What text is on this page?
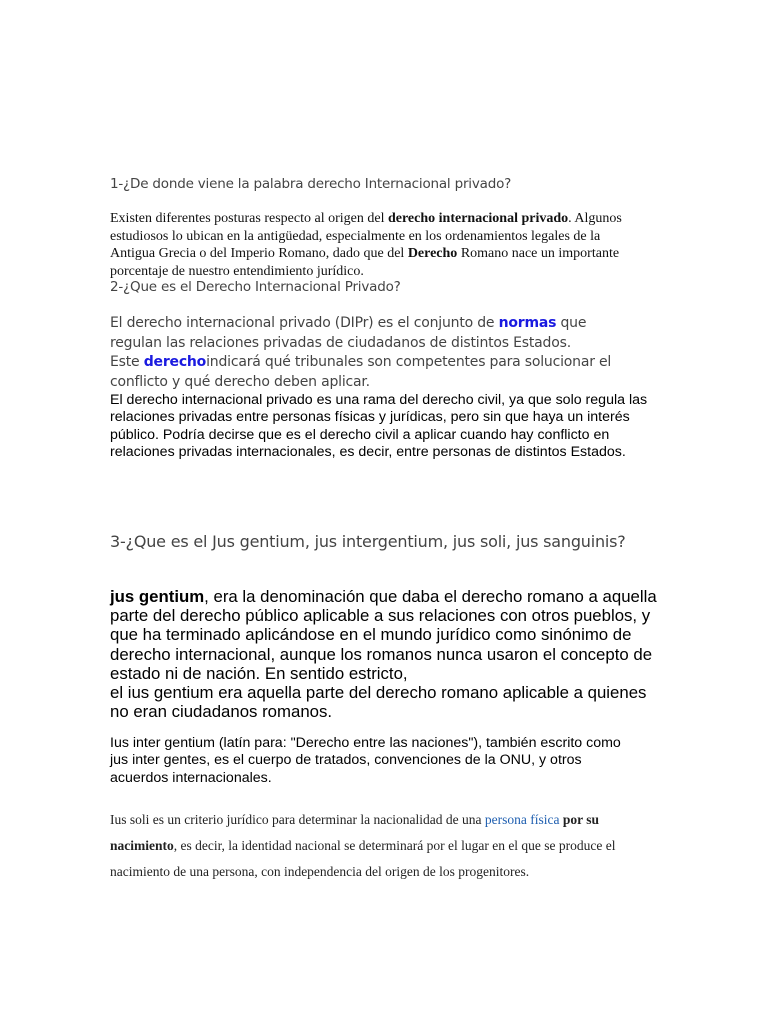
1-¿De donde viene la palabra derecho Internacional privado?
Existen diferentes posturas respecto al origen del derecho internacional privado. Algunos estudiosos lo ubican en la antigüedad, especialmente en los ordenamientos legales de la Antigua Grecia o del Imperio Romano, dado que del Derecho Romano nace un importante porcentaje de nuestro entendimiento jurídico.
2-¿Que es el Derecho Internacional Privado?
El derecho internacional privado (DIPr) es el conjunto de normas que regulan las relaciones privadas de ciudadanos de distintos Estados.
Este derechoindicará qué tribunales son competentes para solucionar el conflicto y qué derecho deben aplicar.
El derecho internacional privado es una rama del derecho civil, ya que solo regula las relaciones privadas entre personas físicas y jurídicas, pero sin que haya un interés público. Podría decirse que es el derecho civil a aplicar cuando hay conflicto en relaciones privadas internacionales, es decir, entre personas de distintos Estados.
3-¿Que es el Jus gentium, jus intergentium, jus soli, jus sanguinis?
jus gentium, era la denominación que daba el derecho romano a aquella parte del derecho público aplicable a sus relaciones con otros pueblos, y que ha terminado aplicándose en el mundo jurídico como sinónimo de derecho internacional, aunque los romanos nunca usaron el concepto de estado ni de nación. En sentido estricto,
el ius gentium era aquella parte del derecho romano aplicable a quienes no eran ciudadanos romanos.
Ius inter gentium (latín para: "Derecho entre las naciones"), también escrito como jus inter gentes, es el cuerpo de tratados, convenciones de la ONU, y otros acuerdos internacionales.
Ius soli es un criterio jurídico para determinar la nacionalidad de una persona física por su nacimiento, es decir, la identidad nacional se determinará por el lugar en el que se produce el nacimiento de una persona, con independencia del origen de los progenitores.
